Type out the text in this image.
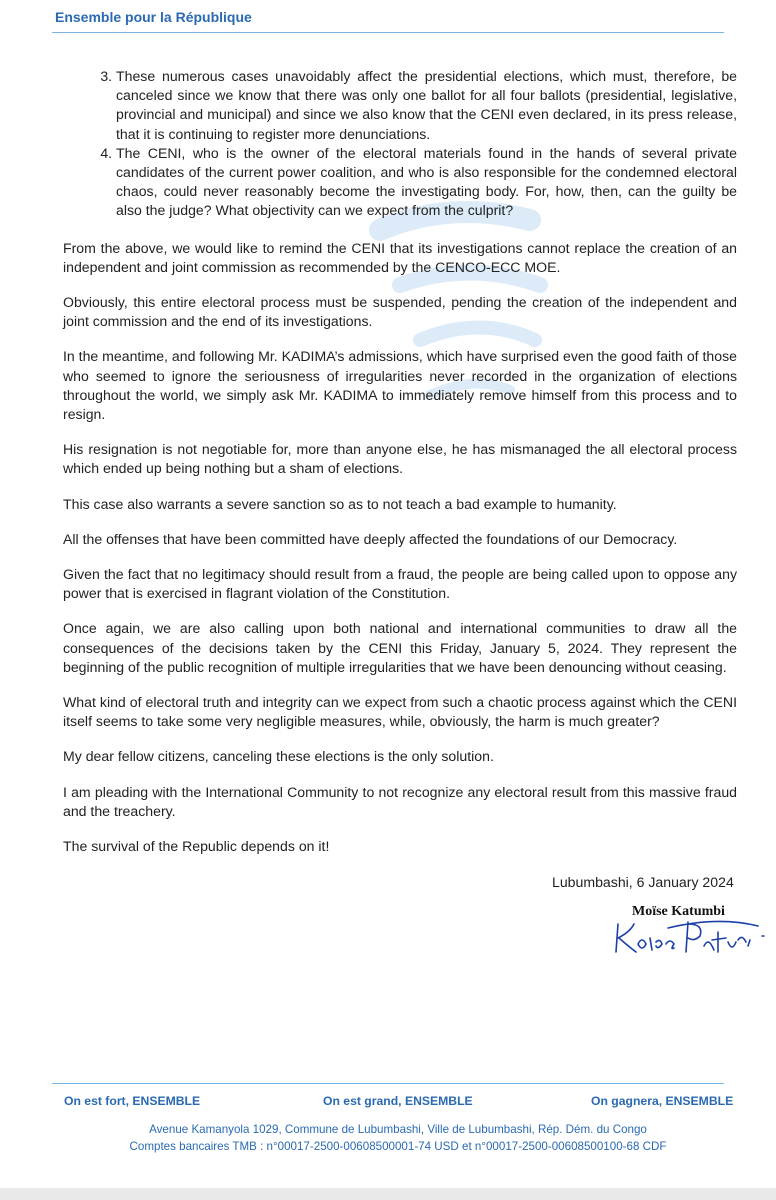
Ensemble pour la République
3. These numerous cases unavoidably affect the presidential elections, which must, therefore, be canceled since we know that there was only one ballot for all four ballots (presidential, legislative, provincial and municipal) and since we also know that the CENI even declared, in its press release, that it is continuing to register more denunciations.
4. The CENI, who is the owner of the electoral materials found in the hands of several private candidates of the current power coalition, and who is also responsible for the condemned electoral chaos, could never reasonably become the investigating body. For, how, then, can the guilty be also the judge? What objectivity can we expect from the culprit?

From the above, we would like to remind the CENI that its investigations cannot replace the creation of an independent and joint commission as recommended by the CENCO-ECC MOE.

Obviously, this entire electoral process must be suspended, pending the creation of the independent and joint commission and the end of its investigations.

In the meantime, and following Mr. KADIMA’s admissions, which have surprised even the good faith of those who seemed to ignore the seriousness of irregularities never recorded in the organization of elections throughout the world, we simply ask Mr. KADIMA to immediately remove himself from this process and to resign.

His resignation is not negotiable for, more than anyone else, he has mismanaged the all electoral process which ended up being nothing but a sham of elections.

This case also warrants a severe sanction so as to not teach a bad example to humanity.

All the offenses that have been committed have deeply affected the foundations of our Democracy.

Given the fact that no legitimacy should result from a fraud, the people are being called upon to oppose any power that is exercised in flagrant violation of the Constitution.

Once again, we are also calling upon both national and international communities to draw all the consequences of the decisions taken by the CENI this Friday, January 5, 2024. They represent the beginning of the public recognition of multiple irregularities that we have been denouncing without ceasing.

What kind of electoral truth and integrity can we expect from such a chaotic process against which the CENI itself seems to take some very negligible measures, while, obviously, the harm is much greater?

My dear fellow citizens, canceling these elections is the only solution.

I am pleading with the International Community to not recognize any electoral result from this massive fraud and the treachery.

The survival of the Republic depends on it!

Lubumbashi, 6 January 2024
Moïse Katumbi
On est fort, ENSEMBLE	On est grand, ENSEMBLE	On gagnera, ENSEMBLE
Avenue Kamanyola 1029, Commune de Lubumbashi, Ville de Lubumbashi, Rép. Dém. du Congo
Comptes bancaires TMB : n°00017-2500-00608500001-74 USD et n°00017-2500-00608500100-68 CDF
